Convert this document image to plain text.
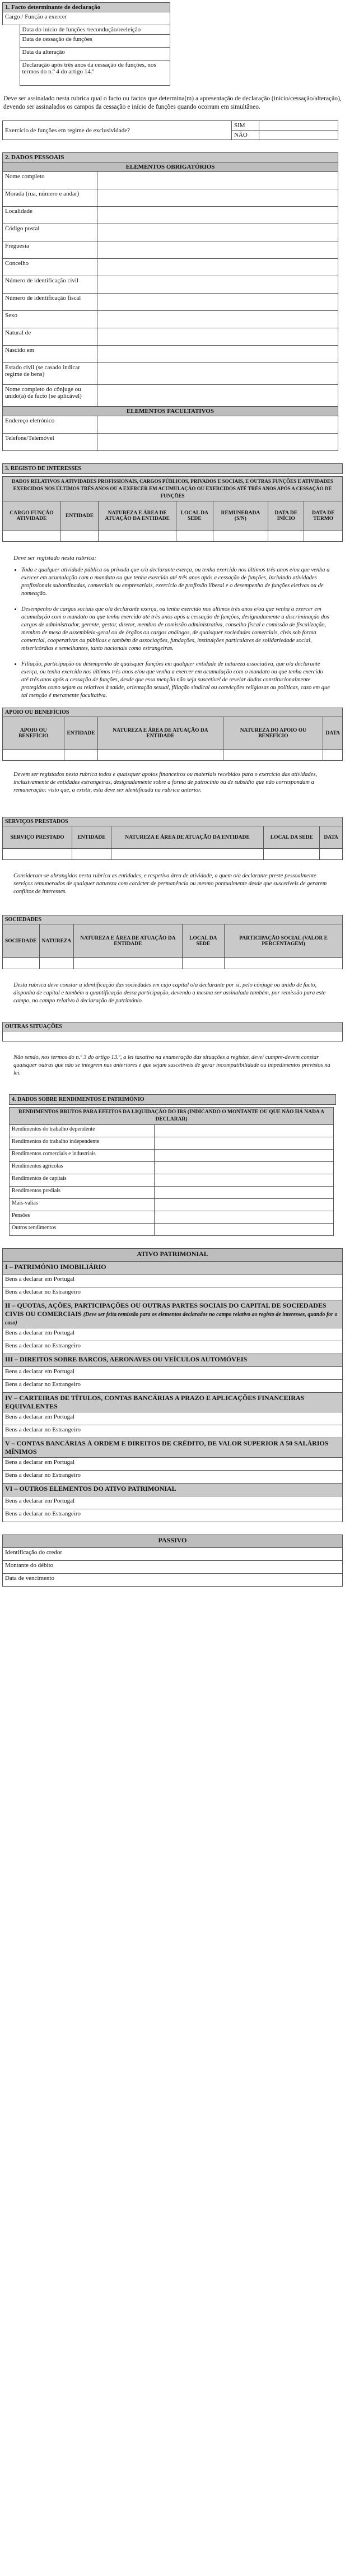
1. Facto determinante de declaração	
Cargo / Função a exercer	
	Data do início de funções /recondução/reeleição
	Data de cessação de funções
	Data da alteração
	Declaração após três anos da cessação de funções, nos termos do n.º 4 do artigo 14.º

Deve ser assinalado nesta rubrica qual o facto ou factos que determina(m) a apresentação de declaração (início/cessação/alteração), devendo ser assinalados os campos da cessação e início de funções quando ocorram em simultâneo.

Exercício de funções em regime de exclusividade?	SIM	
	NÃO	
2. DADOS PESSOAIS	
ELEMENTOS OBRIGATÓRIOS	
Nome completo	
Morada (rua, número e andar)	
Localidade	
Código postal	
Freguesia	
Concelho	
Número de identificação civil	
Número de identificação fiscal	
Sexo	
Natural de	
Nascido em	
Estado civil (se casado indicar regime de bens)	
Nome completo do cônjuge ou unido(a) de facto (se aplicável)	
ELEMENTOS FACULTATIVOS	
Endereço eletrónico	
Telefone/Telemóvel	
3. REGISTO DE INTERESSES
DADOS RELATIVOS A ATIVIDADES PROFISSIONAIS, CARGOS PÚBLICOS, PRIVADOS E SOCIAIS, E OUTRAS FUNÇÕES E ATIVIDADES EXERCIDOS NOS ÚLTIMOS TRÊS ANOS OU A EXERCER EM ACUMULAÇÃO OU EXERCIDOS ATÉ TRÊS ANOS APÓS A CESSAÇÃO DE FUNÇÕES						
CARGO FUNÇÃO ATIVIDADE	ENTIDADE	NATUREZA E ÁREA DE ATUAÇÃO DA ENTIDADE	LOCAL DA SEDE	REMUNERADA (S/N)	DATA DE INÍCIO	DATA DE TERMO

Deve ser registado nesta rubrica:

• Toda e qualquer atividade pública ou privada que o/a declarante exerça, ou tenha exercido nos últimos três anos e/ou que venha a exercer em acumulação com o mandato ou que tenha exercido até três anos após a cessação de funções, incluindo atividades profissionais subordinadas, comerciais ou empresariais, exercício de profissão liberal e o desempenho de funções eletivas ou de nomeação.
• Desempenho de cargos sociais que o/a declarante exerça, ou tenha exercido nos últimos três anos e/ou que venha a exercer em acumulação com o mandato ou que tenha exercido até três anos após a cessação de funções, designadamente a discriminação dos cargos de administrador, gerente, gestor, diretor, membro de comissão administrativa, conselho fiscal e comissão de fiscalização, membro de mesa de assembleia-geral ou de órgãos ou cargos análogos, de quaisquer sociedades comerciais, civis sob forma comercial, cooperativas ou públicas e também de associações, fundações, instituições particulares de solidariedade social, misericórdias e semelhantes, tanto nacionais como estrangeiras.
• Filiação, participação ou desempenho de quaisquer funções em qualquer entidade de natureza associativa, que o/a declarante exerça, ou tenha exercido nos últimos três anos e/ou que venha a exercer em acumulação com o mandato ou que tenha exercido até três anos após a cessação de funções, desde que essa menção não seja suscetível de revelar dados constitucionalmente protegidos como sejam os relativos à saúde, orientação sexual, filiação sindical ou convicções religiosas ou políticas, caso em que tal menção é meramente facultativa.
APOIO OU BENEFÍCIOS				
APOIO OU BENEFÍCIO	ENTIDADE	NATUREZA E ÁREA DE ATUAÇÃO DA ENTIDADE	NATUREZA DO APOIO OU BENEFÍCIO	DATA

Devem ser registados nesta rubrica todos e quaisquer apoios financeiros ou materiais recebidos para o exercício das atividades, inclusivamente de entidades estrangeiras, designadamente sobre a forma de patrocínio ou de subsídio que não correspondam a remuneração; visto que, a existir, esta deve ser identificada na rubrica anterior.

SERVIÇOS PRESTADOS				
SERVIÇO PRESTADO	ENTIDADE	NATUREZA E ÁREA DE ATUAÇÃO DA ENTIDADE	LOCAL DA SEDE	DATA

Consideram-se abrangidos nesta rubrica as entidades, e respetiva área de atividade, a quem o/a declarante preste pessoalmente serviços remunerados de qualquer natureza com carácter de permanência ou mesmo pontualmente desde que suscetíveis de gerarem conflitos de interesses.

SOCIEDADES				
SOCIEDADE	NATUREZA	NATUREZA E ÁREA DE ATUAÇÃO DA ENTIDADE	LOCAL DA SEDE	PARTICIPAÇÃO SOCIAL (VALOR E PERCENTAGEM)

Desta rubrica deve constar a identificação das sociedades em cujo capital o/a declarante por si, pelo cônjuge ou unido de facto, disponha de capital e também a quantificação dessa participação, devendo a mesma ser assinalada também, por remissão para este campo, no campo relativo à declaração de património.

OUTRAS SITUAÇÕES

Não sendo, nos termos do n.º 3 do artigo 13.º, a lei taxativa na enumeração das situações a registar, deve/ cumpre-devem constar quaisquer outras que não se integrem nas anteriores e que sejam suscetíveis de gerar incompatibilidade ou impedimentos previstos na lei.

4. DADOS SOBRE RENDIMENTOS E PATRIMÓNIO
RENDIMENTOS BRUTOS PARA EFEITOS DA LIQUIDAÇÃO DO IRS (INDICANDO O MONTANTE OU QUE NÃO HÁ NADA A DECLARAR)	
Rendimentos do trabalho dependente	
Rendimentos do trabalho independente	
Rendimentos comerciais e industriais	
Rendimentos agrícolas	
Rendimentos de capitais	
Rendimentos prediais	
Mais-valias	
Pensões	
Outros rendimentos	
ATIVO PATRIMONIAL
I – PATRIMÓNIO IMOBILIÁRIO
Bens a declarar em Portugal
Bens a declarar no Estrangeiro
II – QUOTAS, AÇÕES, PARTICIPAÇÕES OU OUTRAS PARTES SOCIAIS DO CAPITAL DE SOCIEDADES CIVIS OU COMERCIAIS (Deve ser feita remissão para os elementos declarados no campo relativo ao registo de interesses, quando for o caso)
Bens a declarar em Portugal
Bens a declarar no Estrangeiro
III – DIREITOS SOBRE BARCOS, AERONAVES OU VEÍCULOS AUTOMÓVEIS
Bens a declarar em Portugal
Bens a declarar no Estrangeiro
IV – CARTEIRAS DE TÍTULOS, CONTAS BANCÁRIAS A PRAZO E APLICAÇÕES FINANCEIRAS EQUIVALENTES
Bens a declarar em Portugal
Bens a declarar no Estrangeiro
V – CONTAS BANCÁRIAS À ORDEM E DIREITOS DE CRÉDITO, DE VALOR SUPERIOR A 50 SALÁRIOS MÍNIMOS
Bens a declarar em Portugal
Bens a declarar no Estrangeiro
VI – OUTROS ELEMENTOS DO ATIVO PATRIMONIAL
Bens a declarar em Portugal
Bens a declarar no Estrangeiro
PASSIVO
Identificação do credor
Montante do débito
Data de vencimento
